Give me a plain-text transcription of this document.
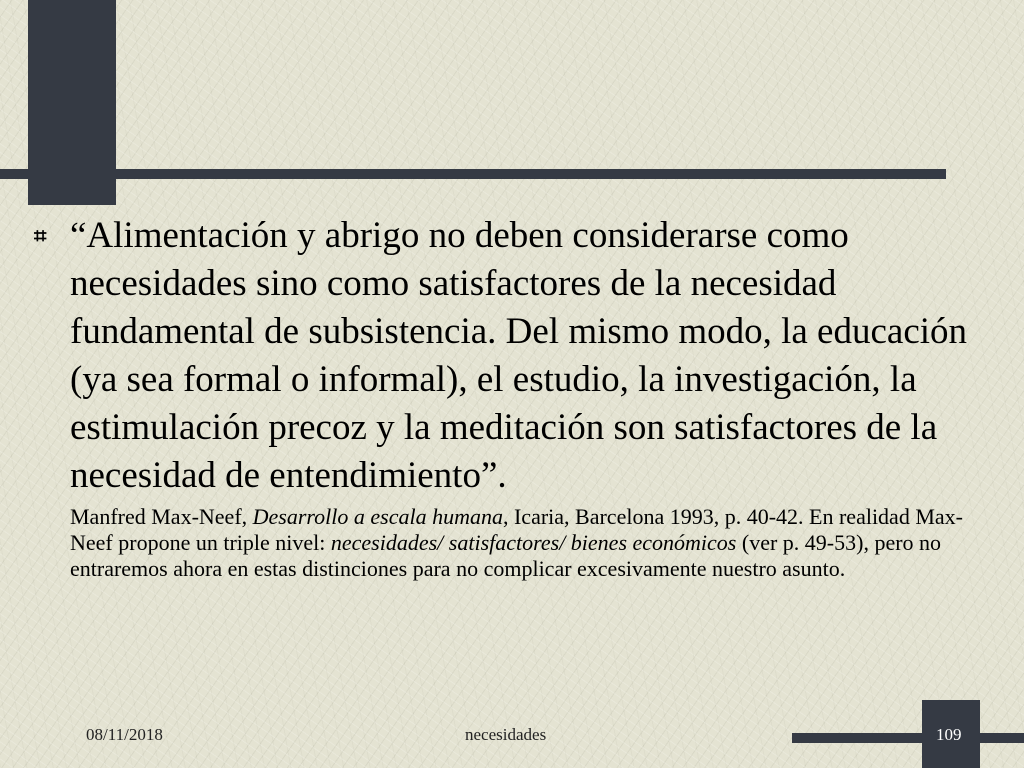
⌗ “Alimentación y abrigo no deben considerarse como necesidades sino como satisfactores de la necesidad fundamental de subsistencia. Del mismo modo, la educación (ya sea formal o informal), el estudio, la investigación, la estimulación precoz y la meditación son satisfactores de la necesidad de entendimiento”.

Manfred Max-Neef, Desarrollo a escala humana, Icaria, Barcelona 1993, p. 40-42. En realidad Max-Neef propone un triple nivel: necesidades/ satisfactores/ bienes económicos (ver p. 49-53), pero no entraremos ahora en estas distinciones para no complicar excesivamente nuestro asunto.

08/11/2018	necesidades	109
